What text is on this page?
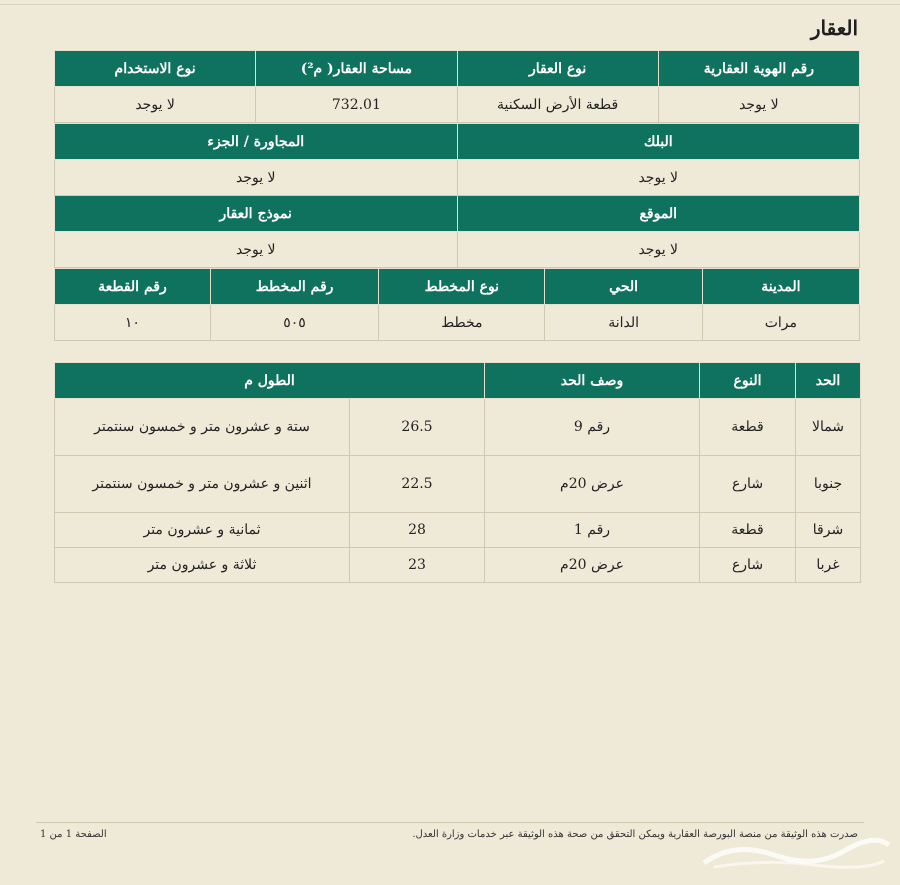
العقار
رقم الهوية العقارية	نوع العقار	مساحة العقار( م²)	نوع الاستخدام
لا يوجد	قطعة الأرض السكنية	732.01	لا يوجد
البلك	المجاورة / الجزء
لا يوجد	لا يوجد
الموقع	نموذج العقار
لا يوجد	لا يوجد
المدينة	الحي	نوع المخطط	رقم المخطط	رقم القطعة
مرات	الدانة	مخطط	٥٠٥	١٠
الحد	النوع	وصف الحد	الطول م	
شمالا	قطعة	رقم 9	26.5	ستة و عشرون متر و خمسون سنتمتر
جنوبا	شارع	عرض 20م	22.5	اثنين و عشرون متر و خمسون سنتمتر
شرقا	قطعة	رقم 1	28	ثمانية و عشرون متر
غربا	شارع	عرض 20م	23	ثلاثة و عشرون متر
صدرت هذه الوثيقة من منصة البورصة العقارية ويمكن التحقق من صحة هذه الوثيقة عبر خدمات وزارة العدل.
الصفحة 1 من 1
